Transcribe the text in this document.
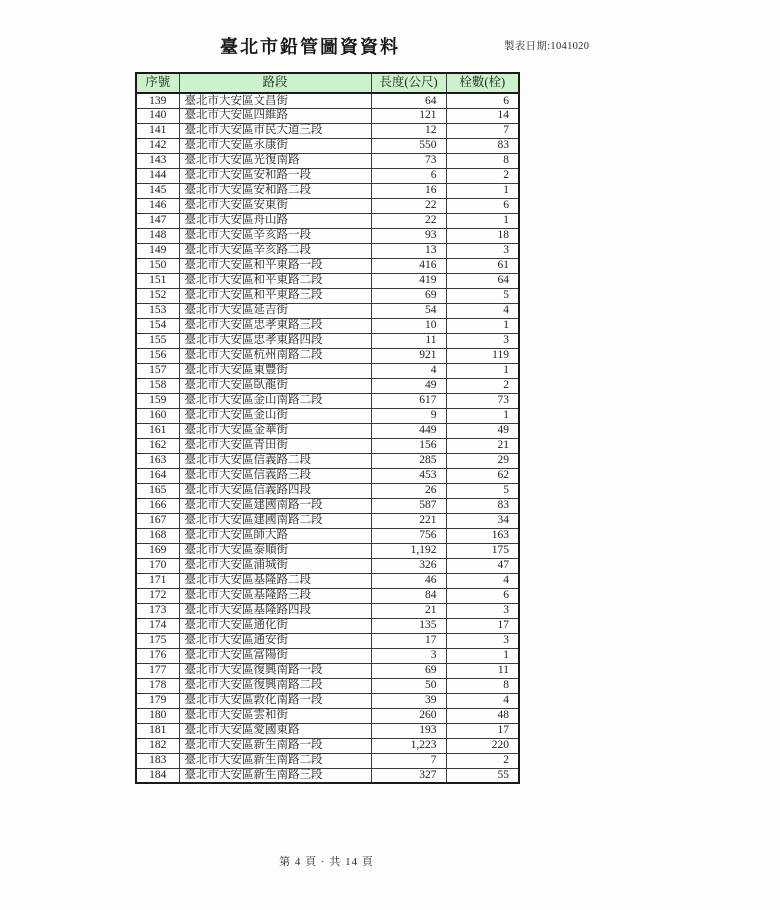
臺北市鉛管圖資資料	製表日期:1041020
序號	路段	長度(公尺)	栓數(栓)
139	臺北市大安區文昌街	64	6
140	臺北市大安區四維路	121	14
141	臺北市大安區市民大道三段	12	7
142	臺北市大安區永康街	550	83
143	臺北市大安區光復南路	73	8
144	臺北市大安區安和路一段	6	2
145	臺北市大安區安和路二段	16	1
146	臺北市大安區安東街	22	6
147	臺北市大安區舟山路	22	1
148	臺北市大安區辛亥路一段	93	18
149	臺北市大安區辛亥路二段	13	3
150	臺北市大安區和平東路一段	416	61
151	臺北市大安區和平東路二段	419	64
152	臺北市大安區和平東路三段	69	5
153	臺北市大安區延吉街	54	4
154	臺北市大安區忠孝東路三段	10	1
155	臺北市大安區忠孝東路四段	11	3
156	臺北市大安區杭州南路二段	921	119
157	臺北市大安區東豐街	4	1
158	臺北市大安區臥龍街	49	2
159	臺北市大安區金山南路二段	617	73
160	臺北市大安區金山街	9	1
161	臺北市大安區金華街	449	49
162	臺北市大安區青田街	156	21
163	臺北市大安區信義路二段	285	29
164	臺北市大安區信義路三段	453	62
165	臺北市大安區信義路四段	26	5
166	臺北市大安區建國南路一段	587	83
167	臺北市大安區建國南路二段	221	34
168	臺北市大安區師大路	756	163
169	臺北市大安區泰順街	1,192	175
170	臺北市大安區浦城街	326	47
171	臺北市大安區基隆路二段	46	4
172	臺北市大安區基隆路三段	84	6
173	臺北市大安區基隆路四段	21	3
174	臺北市大安區通化街	135	17
175	臺北市大安區通安街	17	3
176	臺北市大安區富陽街	3	1
177	臺北市大安區復興南路一段	69	11
178	臺北市大安區復興南路二段	50	8
179	臺北市大安區敦化南路一段	39	4
180	臺北市大安區雲和街	260	48
181	臺北市大安區愛國東路	193	17
182	臺北市大安區新生南路一段	1,223	220
183	臺北市大安區新生南路二段	7	2
184	臺北市大安區新生南路三段	327	55
第 4 頁 · 共 14 頁
